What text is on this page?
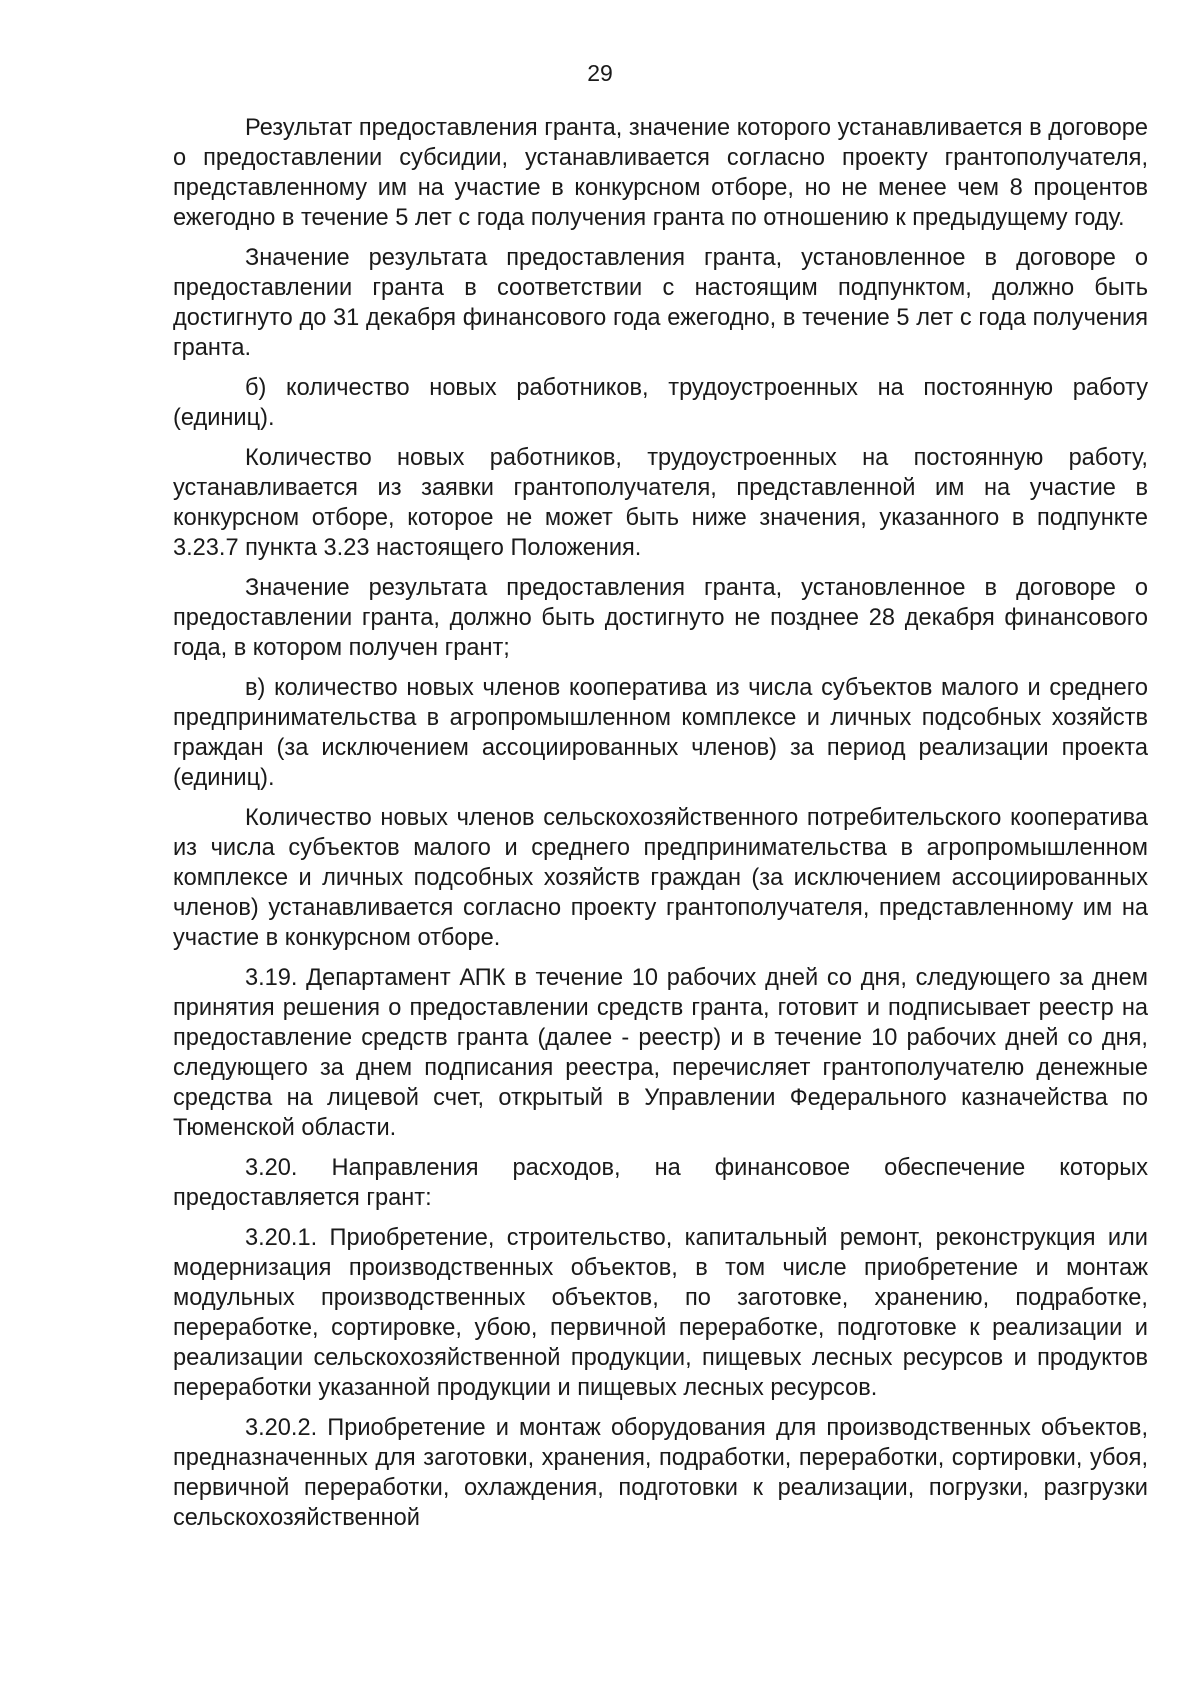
29

Результат предоставления гранта, значение которого устанавливается в договоре о предоставлении субсидии, устанавливается согласно проекту грантополучателя, представленному им на участие в конкурсном отборе, но не менее чем 8 процентов ежегодно в течение 5 лет с года получения гранта по отношению к предыдущему году.

Значение результата предоставления гранта, установленное в договоре о предоставлении гранта в соответствии с настоящим подпунктом, должно быть достигнуто до 31 декабря финансового года ежегодно, в течение 5 лет с года получения гранта.

б) количество новых работников, трудоустроенных на постоянную работу (единиц).

Количество новых работников, трудоустроенных на постоянную работу, устанавливается из заявки грантополучателя, представленной им на участие в конкурсном отборе, которое не может быть ниже значения, указанного в подпункте 3.23.7 пункта 3.23 настоящего Положения.

Значение результата предоставления гранта, установленное в договоре о предоставлении гранта, должно быть достигнуто не позднее 28 декабря финансового года, в котором получен грант;

в) количество новых членов кооператива из числа субъектов малого и среднего предпринимательства в агропромышленном комплексе и личных подсобных хозяйств граждан (за исключением ассоциированных членов) за период реализации проекта (единиц).

Количество новых членов сельскохозяйственного потребительского кооператива из числа субъектов малого и среднего предпринимательства в агропромышленном комплексе и личных подсобных хозяйств граждан (за исключением ассоциированных членов) устанавливается согласно проекту грантополучателя, представленному им на участие в конкурсном отборе.

3.19. Департамент АПК в течение 10 рабочих дней со дня, следующего за днем принятия решения о предоставлении средств гранта, готовит и подписывает реестр на предоставление средств гранта (далее - реестр) и в течение 10 рабочих дней со дня, следующего за днем подписания реестра, перечисляет грантополучателю денежные средства на лицевой счет, открытый в Управлении Федерального казначейства по Тюменской области.

3.20. Направления расходов, на финансовое обеспечение которых предоставляется грант:

3.20.1. Приобретение, строительство, капитальный ремонт, реконструкция или модернизация производственных объектов, в том числе приобретение и монтаж модульных производственных объектов, по заготовке, хранению, подработке, переработке, сортировке, убою, первичной переработке, подготовке к реализации и реализации сельскохозяйственной продукции, пищевых лесных ресурсов и продуктов переработки указанной продукции и пищевых лесных ресурсов.

3.20.2. Приобретение и монтаж оборудования для производственных объектов, предназначенных для заготовки, хранения, подработки, переработки, сортировки, убоя, первичной переработки, охлаждения, подготовки к реализации, погрузки, разгрузки сельскохозяйственной
